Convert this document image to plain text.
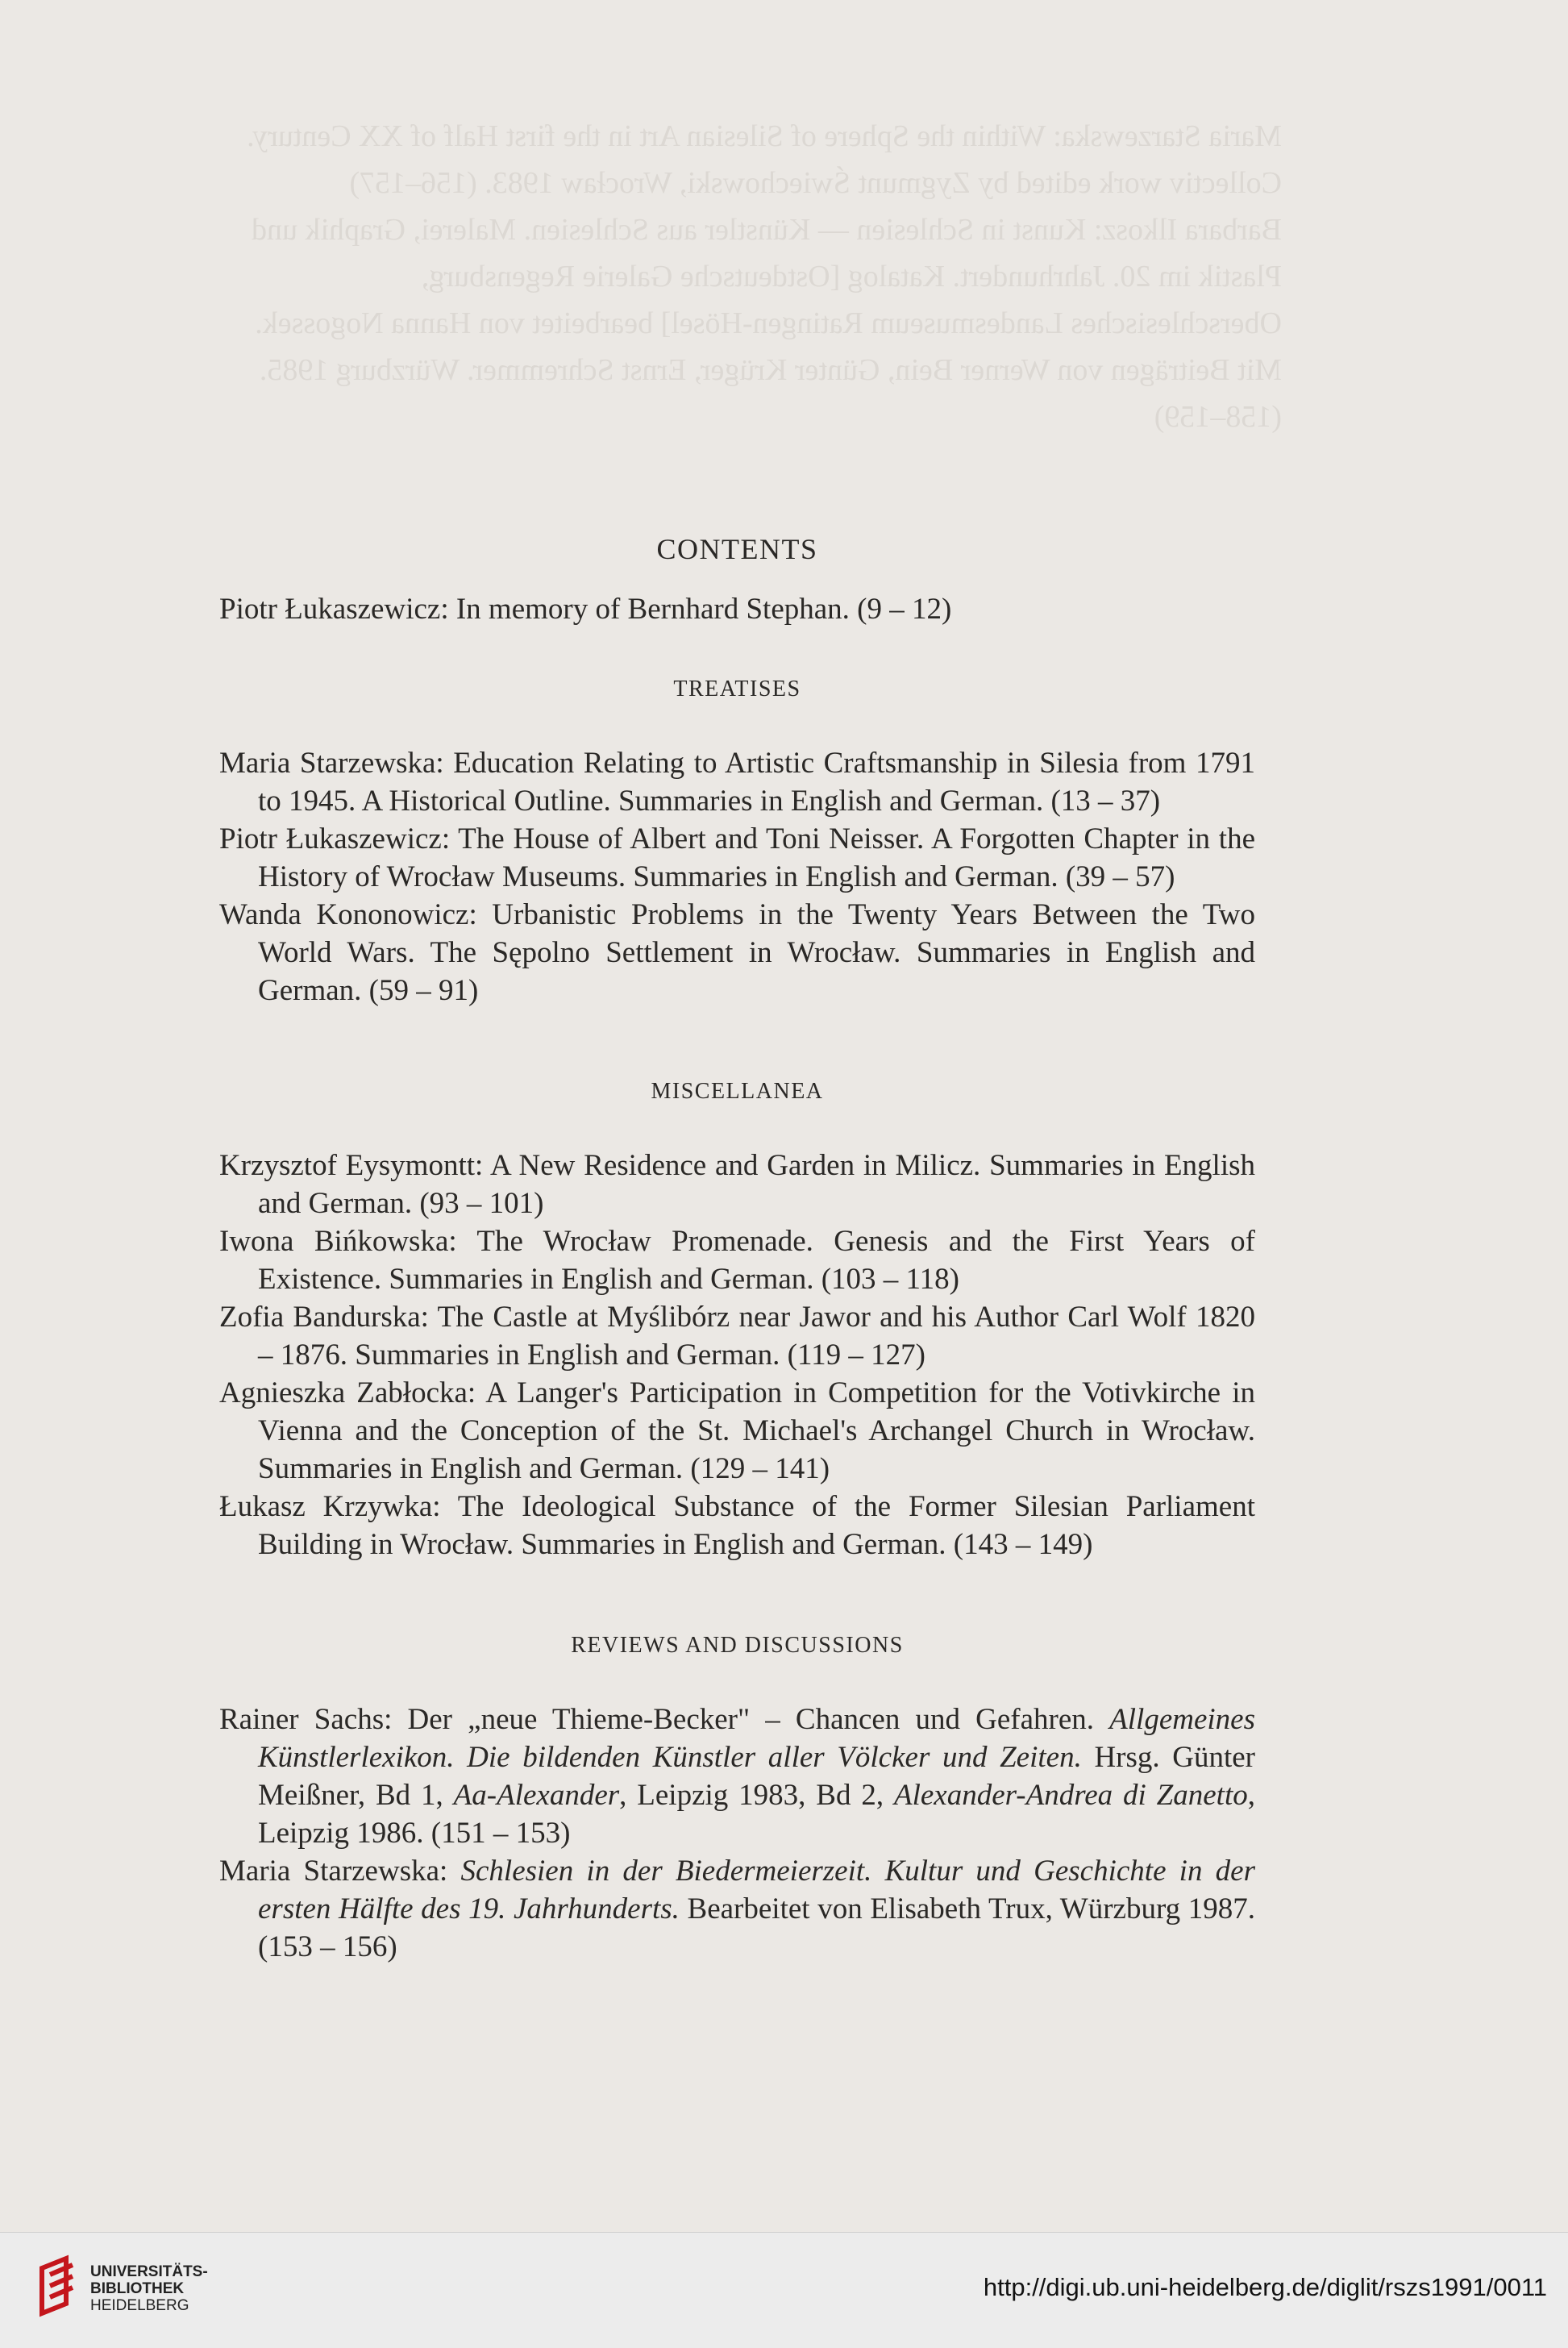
Maria Starzewska: Within the Sphere of Silesian Art in the first Half of XX Century. Collectiv work edited by Zygmunt Świechowski, Wrocław 1983. (156–157)
Barbara Ilkosz: Kunst in Schlesien — Künstler aus Schlesien. Malerei, Graphik und Plastik im 20. Jahrhundert. Katalog [Ostdeutsche Galerie Regensburg, Oberschlesisches Landesmuseum Ratingen-Hösel] bearbeitet von Hanna Nogossek. Mit Beiträgen von Werner Bein, Günter Krüger, Ernst Schremmer. Würzburg 1985. (158–159)
CONTENTS

Piotr Łukaszewicz: In memory of Bernhard Stephan. (9 – 12)

TREATISES

Maria Starzewska: Education Relating to Artistic Craftsmanship in Silesia from 1791 to 1945. A Historical Outline. Summaries in English and German. (13 – 37)

Piotr Łukaszewicz: The House of Albert and Toni Neisser. A Forgotten Chapter in the History of Wrocław Museums. Summaries in English and German. (39 – 57)

Wanda Kononowicz: Urbanistic Problems in the Twenty Years Between the Two World Wars. The Sępolno Settlement in Wrocław. Summaries in English and German. (59 – 91)

MISCELLANEA

Krzysztof Eysymontt: A New Residence and Garden in Milicz. Summaries in English and German. (93 – 101)

Iwona Bińkowska: The Wrocław Promenade. Genesis and the First Years of Existence. Summaries in English and German. (103 – 118)

Zofia Bandurska: The Castle at Myślibórz near Jawor and his Author Carl Wolf 1820 – 1876. Summaries in English and German. (119 – 127)

Agnieszka Zabłocka: A Langer's Participation in Competition for the Votivkirche in Vienna and the Conception of the St. Michael's Archangel Church in Wrocław. Summaries in English and German. (129 – 141)

Łukasz Krzywka: The Ideological Substance of the Former Silesian Parliament Building in Wrocław. Summaries in English and German. (143 – 149)

REVIEWS AND DISCUSSIONS

Rainer Sachs: Der „neue Thieme-Becker" – Chancen und Gefahren. Allgemeines Künstlerlexikon. Die bildenden Künstler aller Völcker und Zeiten. Hrsg. Günter Meißner, Bd 1, Aa-Alexander, Leipzig 1983, Bd 2, Alexander-Andrea di Zanetto, Leipzig 1986. (151 – 153)

Maria Starzewska: Schlesien in der Biedermeierzeit. Kultur und Geschichte in der ersten Hälfte des 19. Jahrhunderts. Bearbeitet von Elisabeth Trux, Würzburg 1987. (153 – 156)

UNIVERSITÄTS-
BIBLIOTHEK
HEIDELBERG
http://digi.ub.uni-heidelberg.de/diglit/rszs1991/0011
